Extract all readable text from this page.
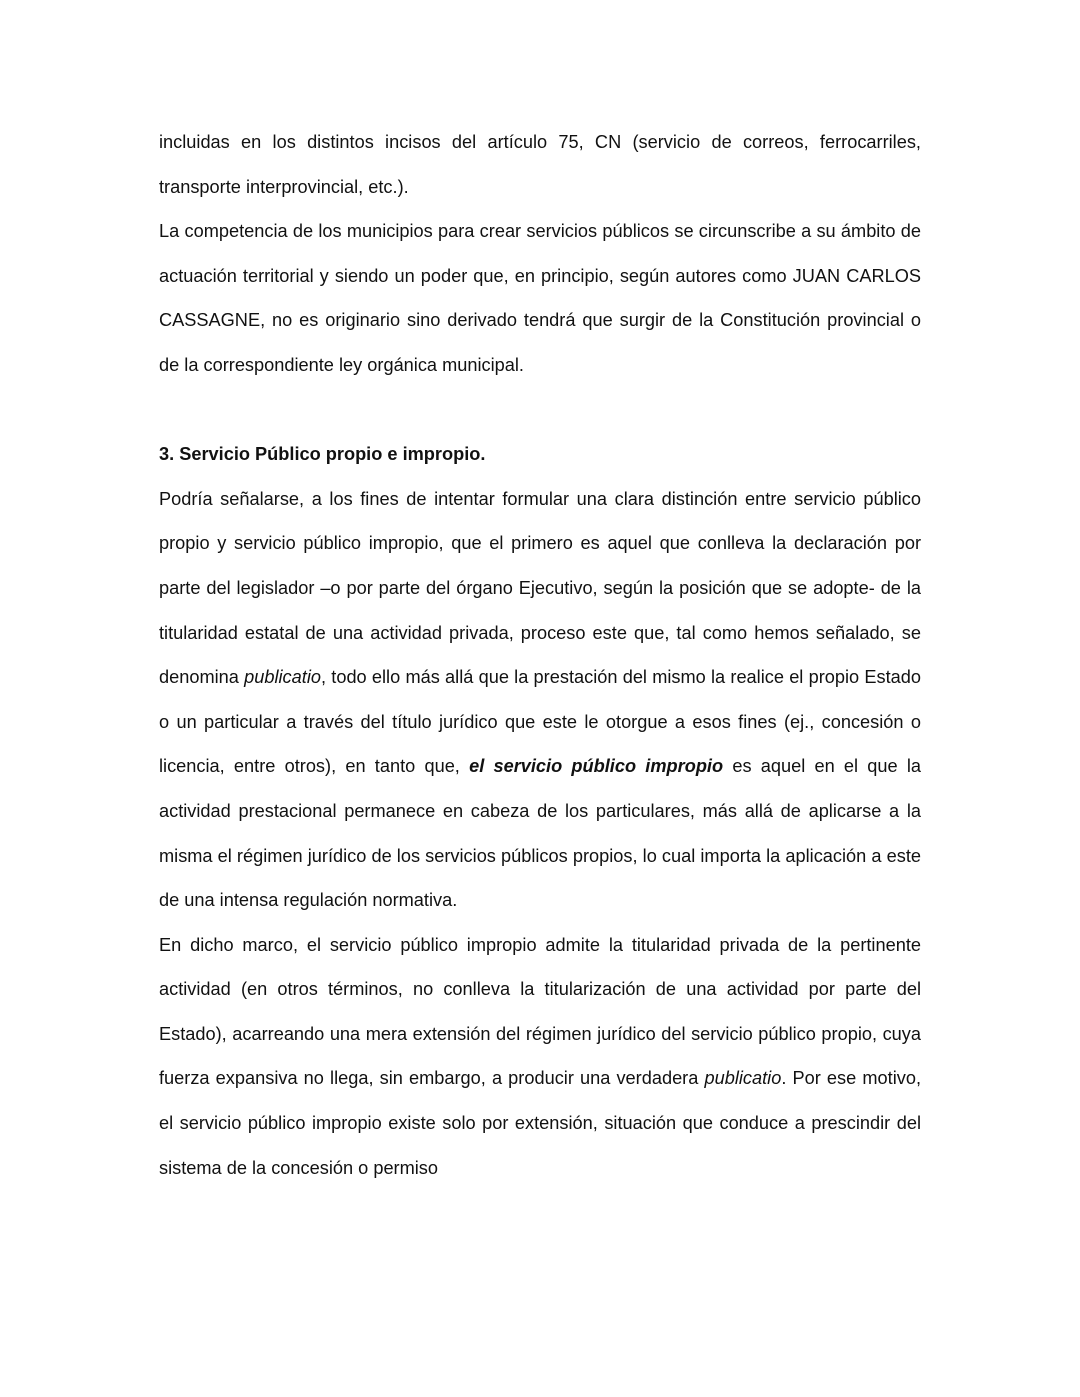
incluidas en los distintos incisos del artículo 75, CN (servicio de correos, ferrocarriles, transporte interprovincial, etc.).

La competencia de los municipios para crear servicios públicos se circunscribe a su ámbito de actuación territorial y siendo un poder que, en principio, según autores como JUAN CARLOS CASSAGNE, no es originario sino derivado tendrá que surgir de la Constitución provincial o de la correspondiente ley orgánica municipal.

3. Servicio Público propio e impropio.

Podría señalarse, a los fines de intentar formular una clara distinción entre servicio público propio y servicio público impropio, que el primero es aquel que conlleva la declaración por parte del legislador –o por parte del órgano Ejecutivo, según la posición que se adopte- de la titularidad estatal de una actividad privada, proceso este que, tal como hemos señalado, se denomina publicatio, todo ello más allá que la prestación del mismo la realice el propio Estado o un particular a través del título jurídico que este le otorgue a esos fines (ej., concesión o licencia, entre otros), en tanto que, el servicio público impropio es aquel en el que la actividad prestacional permanece en cabeza de los particulares, más allá de aplicarse a la misma el régimen jurídico de los servicios públicos propios, lo cual importa la aplicación a este de una intensa regulación normativa.

En dicho marco, el servicio público impropio admite la titularidad privada de la pertinente actividad (en otros términos, no conlleva la titularización de una actividad por parte del Estado), acarreando una mera extensión del régimen jurídico del servicio público propio, cuya fuerza expansiva no llega, sin embargo, a producir una verdadera publicatio. Por ese motivo, el servicio público impropio existe solo por extensión, situación que conduce a prescindir del sistema de la concesión o permiso
